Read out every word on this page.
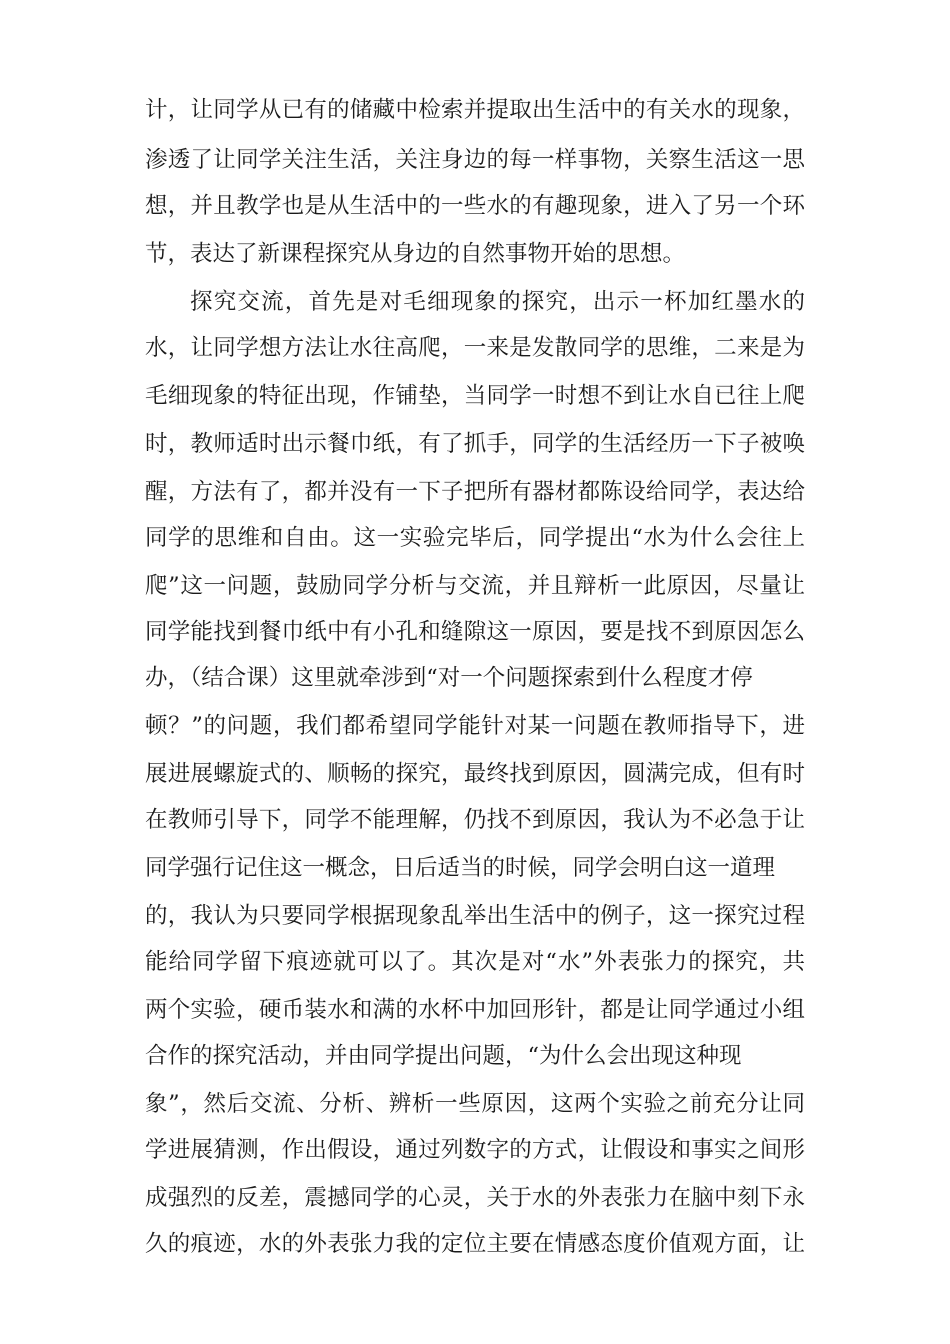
计，让同学从已有的储藏中检索并提取出生活中的有关水的现象，
渗透了让同学关注生活，关注身边的每一样事物，关察生活这一思
想，并且教学也是从生活中的一些水的有趣现象，进入了另一个环
节，表达了新课程探究从身边的自然事物开始的思想。
探究交流，首先是对毛细现象的探究，出示一杯加红墨水的
水，让同学想方法让水往高爬，一来是发散同学的思维，二来是为
毛细现象的特征出现，作铺垫，当同学一时想不到让水自已往上爬
时，教师适时出示餐巾纸，有了抓手，同学的生活经历一下子被唤
醒，方法有了，都并没有一下子把所有器材都陈设给同学，表达给
同学的思维和自由。这一实验完毕后，同学提出“水为什么会往上
爬”这一问题，鼓励同学分析与交流，并且辩析一此原因，尽量让
同学能找到餐巾纸中有小孔和缝隙这一原因，要是找不到原因怎么
办，（结合课）这里就牵涉到“对一个问题探索到什么程度才停
顿？”的问题，我们都希望同学能针对某一问题在教师指导下，进
展进展螺旋式的、顺畅的探究，最终找到原因，圆满完成，但有时
在教师引导下，同学不能理解，仍找不到原因，我认为不必急于让
同学强行记住这一概念，日后适当的时候，同学会明白这一道理
的，我认为只要同学根据现象乱举出生活中的例子，这一探究过程
能给同学留下痕迹就可以了。其次是对“水”外表张力的探究，共
两个实验，硬币装水和满的水杯中加回形针，都是让同学通过小组
合作的探究活动，并由同学提出问题，“为什么会出现这种现
象”，然后交流、分析、辨析一些原因，这两个实验之前充分让同
学进展猜测，作出假设，通过列数字的方式，让假设和事实之间形
成强烈的反差，震撼同学的心灵，关于水的外表张力在脑中刻下永
久的痕迹，水的外表张力我的定位主要在情感态度价值观方面，让
